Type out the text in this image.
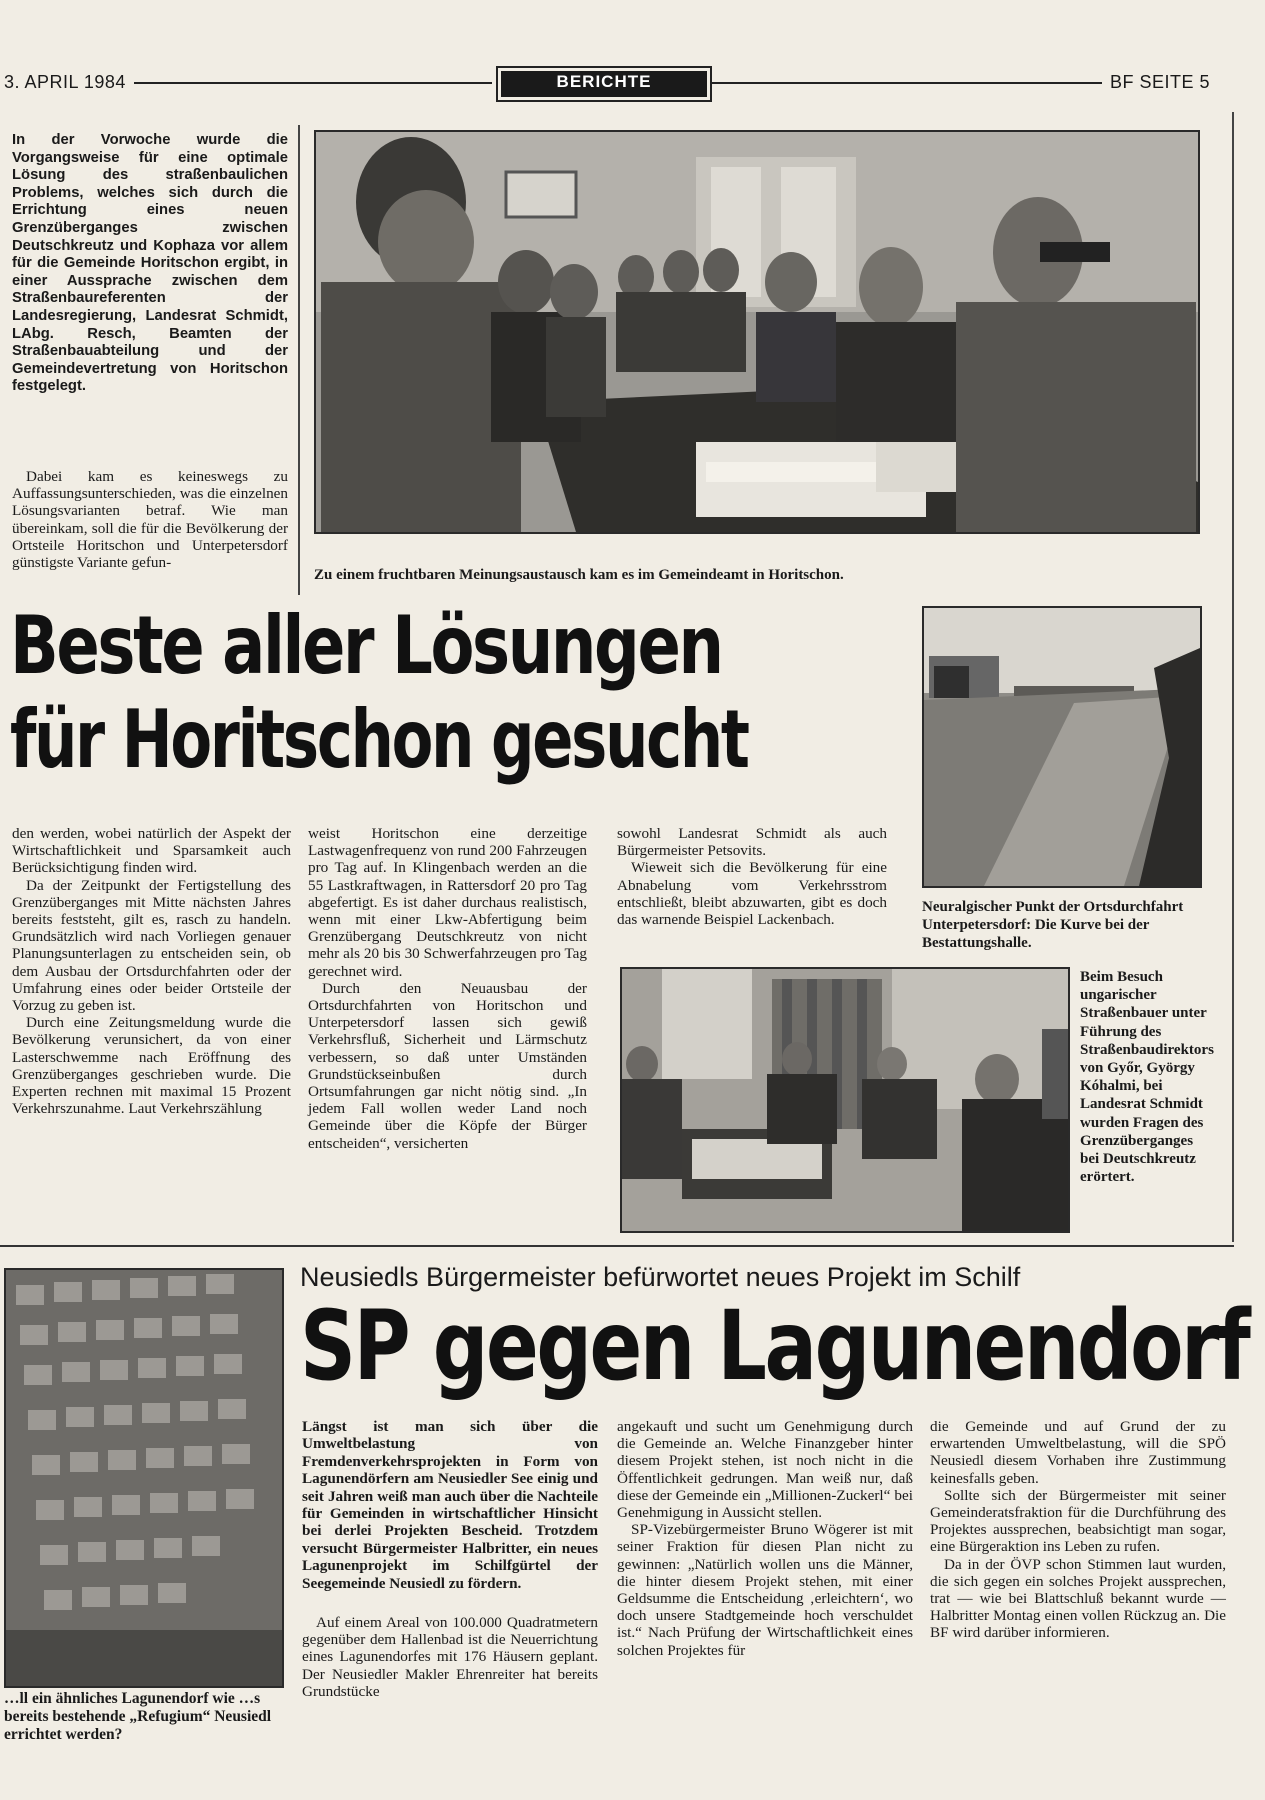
3. APRIL 1984	BERICHTE	BF SEITE 5
In der Vorwoche wurde die Vorgangsweise für eine optimale Lösung des straßenbaulichen Problems, welches sich durch die Errichtung eines neuen Grenzüberganges zwischen Deutschkreutz und Kophaza vor allem für die Gemeinde Horitschon ergibt, in einer Aussprache zwischen dem Straßenbaureferenten der Landesregierung, Landesrat Schmidt, LAbg. Resch, Beamten der Straßenbauabteilung und der Gemeindevertretung von Horitschon festgelegt.

Dabei kam es keineswegs zu Auffassungsunterschieden, was die einzelnen Lösungsvarianten betraf. Wie man übereinkam, soll die für die Bevölkerung der Ortsteile Horitschon und Unterpetersdorf günstigste Variante gefun-

Zu einem fruchtbaren Meinungsaustausch kam es im Gemeindeamt in Horitschon.
Beste aller Lösungen
für Horitschon gesucht

den werden, wobei natürlich der Aspekt der Wirtschaftlichkeit und Sparsamkeit auch Berücksichtigung finden wird.

Da der Zeitpunkt der Fertigstellung des Grenzüberganges mit Mitte nächsten Jahres bereits feststeht, gilt es, rasch zu handeln. Grundsätzlich wird nach Vorliegen genauer Planungsunterlagen zu entscheiden sein, ob dem Ausbau der Ortsdurchfahrten oder der Umfahrung eines oder beider Ortsteile der Vorzug zu geben ist.

Durch eine Zeitungsmeldung wurde die Bevölkerung verunsichert, da von einer Lasterschwemme nach Eröffnung des Grenzüberganges geschrieben wurde. Die Experten rechnen mit maximal 15 Prozent Verkehrszunahme. Laut Verkehrszählung

weist Horitschon eine derzeitige Lastwagenfrequenz von rund 200 Fahrzeugen pro Tag auf. In Klingenbach werden an die 55 Lastkraftwagen, in Rattersdorf 20 pro Tag abgefertigt. Es ist daher durchaus realistisch, wenn mit einer Lkw-Abfertigung beim Grenzübergang Deutschkreutz von nicht mehr als 20 bis 30 Schwerfahrzeugen pro Tag gerechnet wird.

Durch den Neuausbau der Ortsdurchfahrten von Horitschon und Unterpetersdorf lassen sich gewiß Verkehrsfluß, Sicherheit und Lärmschutz verbessern, so daß unter Umständen Grundstückseinbußen durch Ortsumfahrungen gar nicht nötig sind. „In jedem Fall wollen weder Land noch Gemeinde über die Köpfe der Bürger entscheiden“, versicherten

sowohl Landesrat Schmidt als auch Bürgermeister Petsovits.

Wieweit sich die Bevölkerung für eine Abnabelung vom Verkehrsstrom entschließt, bleibt abzuwarten, gibt es doch das warnende Beispiel Lackenbach.

Neuralgischer Punkt der Ortsdurchfahrt Unterpetersdorf: Die Kurve bei der Bestattungshalle.
Beim Besuch ungarischer Straßenbauer unter Führung des Straßenbaudirektors von Győr, György Kóhalmi, bei Landesrat Schmidt wurden Fragen des Grenzüberganges bei Deutschkreutz erörtert.
…ll ein ähnliches Lagunendorf wie …s bereits bestehende „Refugium“ Neusiedl errichtet werden?
Neusiedls Bürgermeister befürwortet neues Projekt im Schilf
SP gegen Lagunendorf
Längst ist man sich über die Umweltbelastung von Fremdenverkehrsprojekten in Form von Lagunendörfern am Neusiedler See einig und seit Jahren weiß man auch über die Nachteile für Gemeinden in wirtschaftlicher Hinsicht bei derlei Projekten Bescheid. Trotzdem versucht Bürgermeister Halbritter, ein neues Lagunenprojekt im Schilfgürtel der Seegemeinde Neusiedl zu fördern.

Auf einem Areal von 100.000 Quadratmetern gegenüber dem Hallenbad ist die Neuerrichtung eines Lagunendorfes mit 176 Häusern geplant. Der Neusiedler Makler Ehrenreiter hat bereits Grundstücke

angekauft und sucht um Genehmigung durch die Gemeinde an. Welche Finanzgeber hinter diesem Projekt stehen, ist noch nicht in die Öffentlichkeit gedrungen. Man weiß nur, daß diese der Gemeinde ein „Millionen-Zuckerl“ bei Genehmigung in Aussicht stellen.

SP-Vizebürgermeister Bruno Wögerer ist mit seiner Fraktion für diesen Plan nicht zu gewinnen: „Natürlich wollen uns die Männer, die hinter diesem Projekt stehen, mit einer Geldsumme die Entscheidung ‚erleichtern‘, wo doch unsere Stadtgemeinde hoch verschuldet ist.“ Nach Prüfung der Wirtschaftlichkeit eines solchen Projektes für

die Gemeinde und auf Grund der zu erwartenden Umweltbelastung, will die SPÖ Neusiedl diesem Vorhaben ihre Zustimmung keinesfalls geben.

Sollte sich der Bürgermeister mit seiner Gemeinderatsfraktion für die Durchführung des Projektes aussprechen, beabsichtigt man sogar, eine Bürgeraktion ins Leben zu rufen.

Da in der ÖVP schon Stimmen laut wurden, die sich gegen ein solches Projekt aussprechen, trat — wie bei Blattschluß bekannt wurde — Halbritter Montag einen vollen Rückzug an. Die BF wird darüber informieren.
